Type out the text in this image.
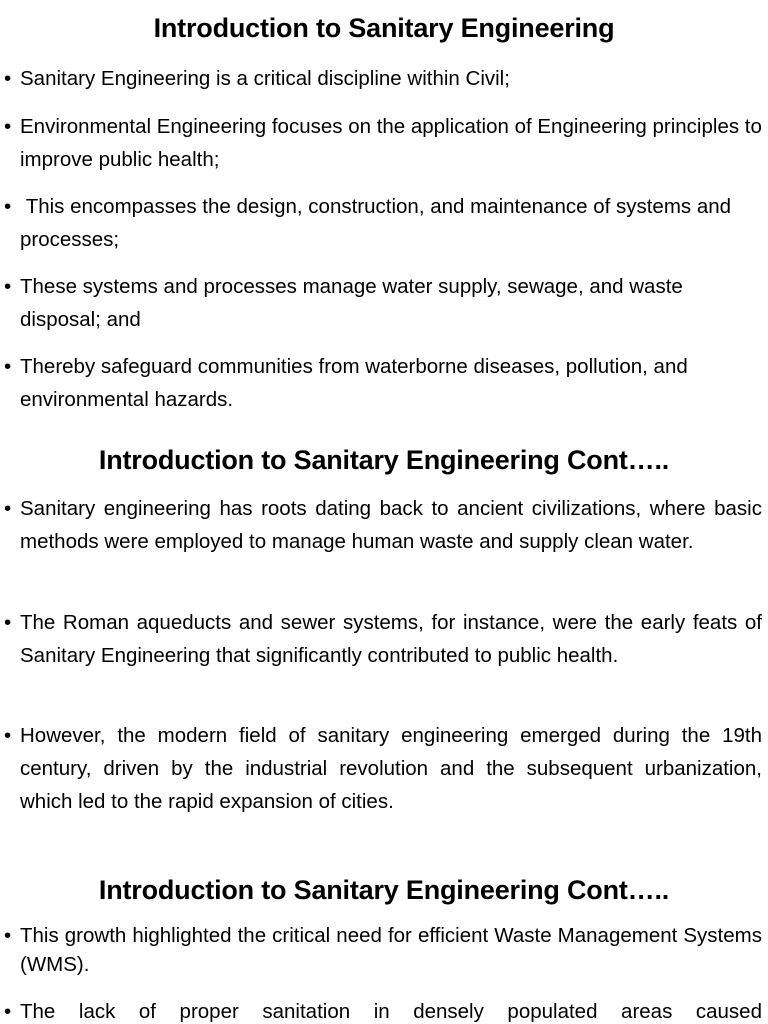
Introduction to Sanitary Engineering

• Sanitary Engineering is a critical discipline within Civil;

• Environmental Engineering focuses on the application of Engineering principles to improve public health;

• This encompasses the design, construction, and maintenance of systems and processes;

• These systems and processes manage water supply, sewage, and waste disposal; and

• Thereby safeguard communities from waterborne diseases, pollution, and environmental hazards.

Introduction to Sanitary Engineering Cont…..

• Sanitary engineering has roots dating back to ancient civilizations, where basic methods were employed to manage human waste and supply clean water.

• The Roman aqueducts and sewer systems, for instance, were the early feats of Sanitary Engineering that significantly contributed to public health.

• However, the modern field of sanitary engineering emerged during the 19th century, driven by the industrial revolution and the subsequent urbanization, which led to the rapid expansion of cities.

Introduction to Sanitary Engineering Cont…..

• This growth highlighted the critical need for efficient Waste Management Systems (WMS).

• The lack of proper sanitation in densely populated areas caused
